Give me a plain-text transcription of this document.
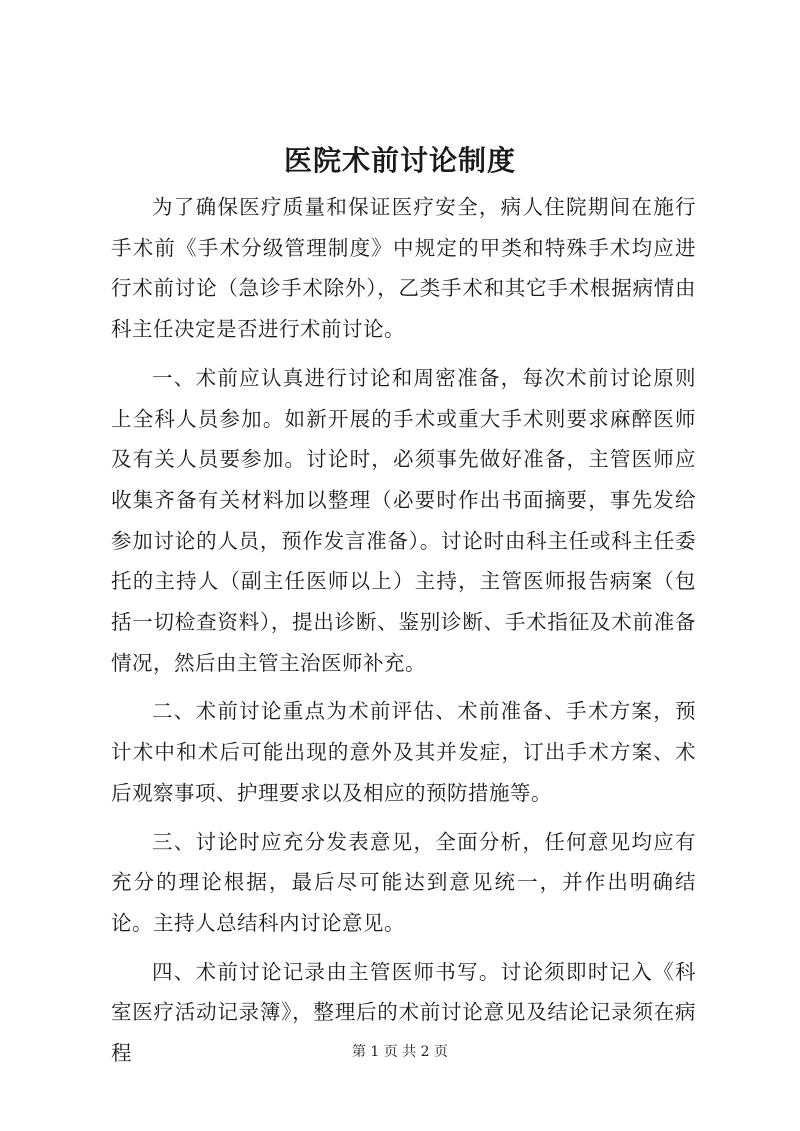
医院术前讨论制度

为了确保医疗质量和保证医疗安全，病人住院期间在施行手术前《手术分级管理制度》中规定的甲类和特殊手术均应进行术前讨论（急诊手术除外），乙类手术和其它手术根据病情由科主任决定是否进行术前讨论。

一、术前应认真进行讨论和周密准备，每次术前讨论原则上全科人员参加。如新开展的手术或重大手术则要求麻醉医师及有关人员要参加。讨论时，必须事先做好准备，主管医师应收集齐备有关材料加以整理（必要时作出书面摘要，事先发给参加讨论的人员，预作发言准备）。讨论时由科主任或科主任委托的主持人（副主任医师以上）主持，主管医师报告病案（包括一切检查资料），提出诊断、鉴别诊断、手术指征及术前准备情况，然后由主管主治医师补充。

二、术前讨论重点为术前评估、术前准备、手术方案，预计术中和术后可能出现的意外及其并发症，订出手术方案、术后观察事项、护理要求以及相应的预防措施等。

三、讨论时应充分发表意见，全面分析，任何意见均应有充分的理论根据，最后尽可能达到意见统一，并作出明确结论。主持人总结科内讨论意见。

四、术前讨论记录由主管医师书写。讨论须即时记入《科室医疗活动记录簿》，整理后的术前讨论意见及结论记录须在病程	第 1 页 共 2 页
